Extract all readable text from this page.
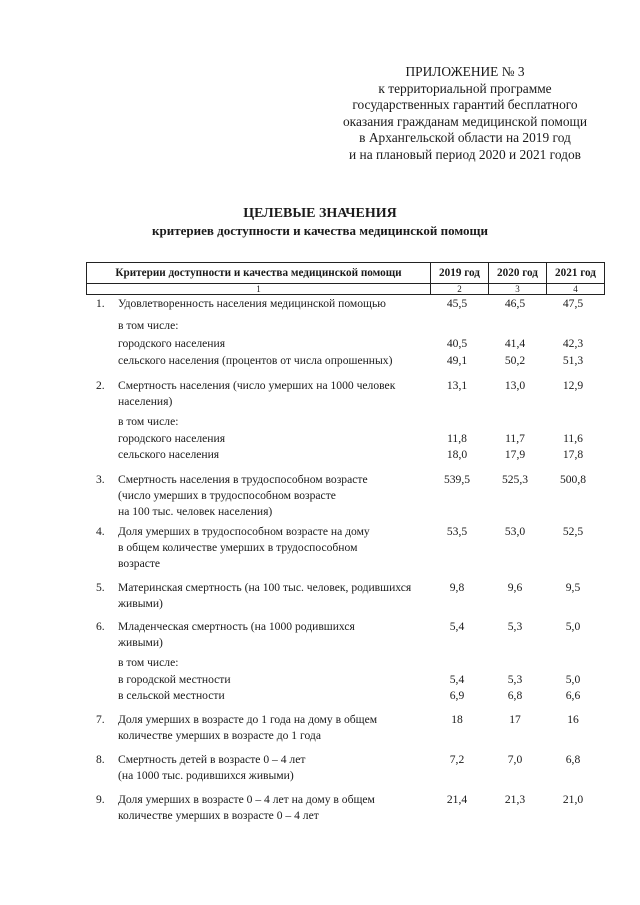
ПРИЛОЖЕНИЕ № 3
к территориальной программе
государственных гарантий бесплатного
оказания гражданам медицинской помощи
в Архангельской области на 2019 год
и на плановый период 2020 и 2021 годов
ЦЕЛЕВЫЕ ЗНАЧЕНИЯ
критериев доступности и качества медицинской помощи
Критерии доступности и качества медицинской помощи	2019 год	2020 год	2021 год
1	2	3	4
1. Удовлетворенность населения медицинской помощью	45,5	46,5	47,5
в том числе:
городского населения	40,5	41,4	42,3
сельского населения (процентов от числа опрошенных)	49,1	50,2	51,3
2. Смертность населения (число умерших на 1000 человек
населения)
13,1	13,0	12,9
в том числе:
городского населения	11,8	11,7	11,6
сельского населения	18,0	17,9	17,8
3. Смертность населения в трудоспособном возрасте
(число умерших в трудоспособном возрасте
на 100 тыс. человек населения)
539,5	525,3	500,8
4. Доля умерших в трудоспособном возрасте на дому
в общем количестве умерших в трудоспособном
возрасте
53,5	53,0	52,5
5. Материнская смертность (на 100 тыс. человек, родившихся
живыми)
9,8	9,6	9,5
6. Младенческая смертность (на 1000 родившихся
живыми)
5,4	5,3	5,0
в том числе:
в городской местности	5,4	5,3	5,0
в сельской местности	6,9	6,8	6,6
7. Доля умерших в возрасте до 1 года на дому в общем
количестве умерших в возрасте до 1 года
18	17	16
8. Смертность детей в возрасте 0 – 4 лет
(на 1000 тыс. родившихся живыми)
7,2	7,0	6,8
9. Доля умерших в возрасте 0 – 4 лет на дому в общем
количестве умерших в возрасте 0 – 4 лет
21,4	21,3	21,0
